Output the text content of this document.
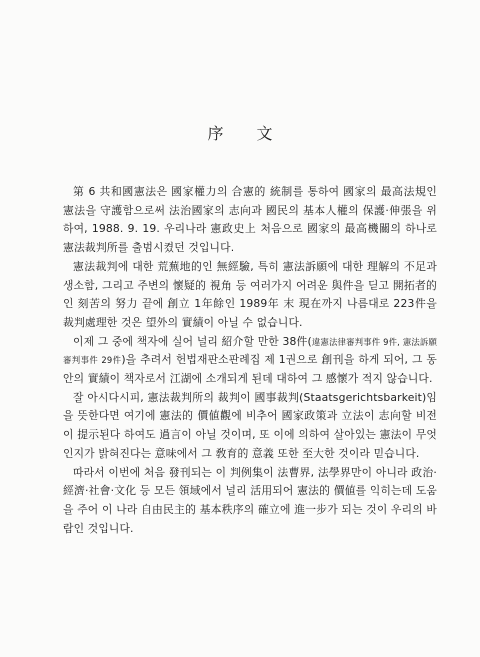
序 文

第 6 共和國憲法은 國家權力의 合憲的 統制를 통하여 國家의 最高法規인 憲法을 守護함으로써 法治國家의 志向과 國民의 基本人權의 保護·伸張을 위하여, 1988. 9. 19. 우리나라 憲政史上 처음으로 國家의 最高機關의 하나로 憲法裁判所를 출범시켰던 것입니다.

憲法裁判에 대한 荒蕪地的인 無經驗, 특히 憲法訴願에 대한 理解의 不足과 생소함, 그리고 주변의 懷疑的 視角 등 여러가지 어려운 與件을 딛고 開拓者的인 刻苦의 努力 끝에 創立 1年餘인 1989年 末 現在까지 나름대로 223件을 裁判處理한 것은 望外의 實績이 아닐 수 없습니다.

이제 그 중에 책자에 실어 널리 紹介할 만한 38件(違憲法律審判事件 9件, 憲法訴願審判事件 29件)을 추려서 헌법재판소판례집 제 1권으로 創刊을 하게 되어, 그 동안의 實績이 책자로서 江湖에 소개되게 된데 대하여 그 感懷가 적지 않습니다.

잘 아시다시피, 憲法裁判所의 裁判이 國事裁判(Staatsgerichtsbarkeit)임을 뜻한다면 여기에 憲法的 價値觀에 비추어 國家政策과 立法이 志向할 비전이 提示된다 하여도 過言이 아닐 것이며, 또 이에 의하여 살아있는 憲法이 무엇인지가 밝혀진다는 意味에서 그 敎育的 意義 또한 至大한 것이라 믿습니다.

따라서 이번에 처음 發刊되는 이 判例集이 法曹界, 法學界만이 아니라 政治·經濟·社會·文化 등 모든 領域에서 널리 活用되어 憲法的 價値를 익히는데 도움을 주어 이 나라 自由民主的 基本秩序의 確立에 進一步가 되는 것이 우리의 바람인 것입니다.
